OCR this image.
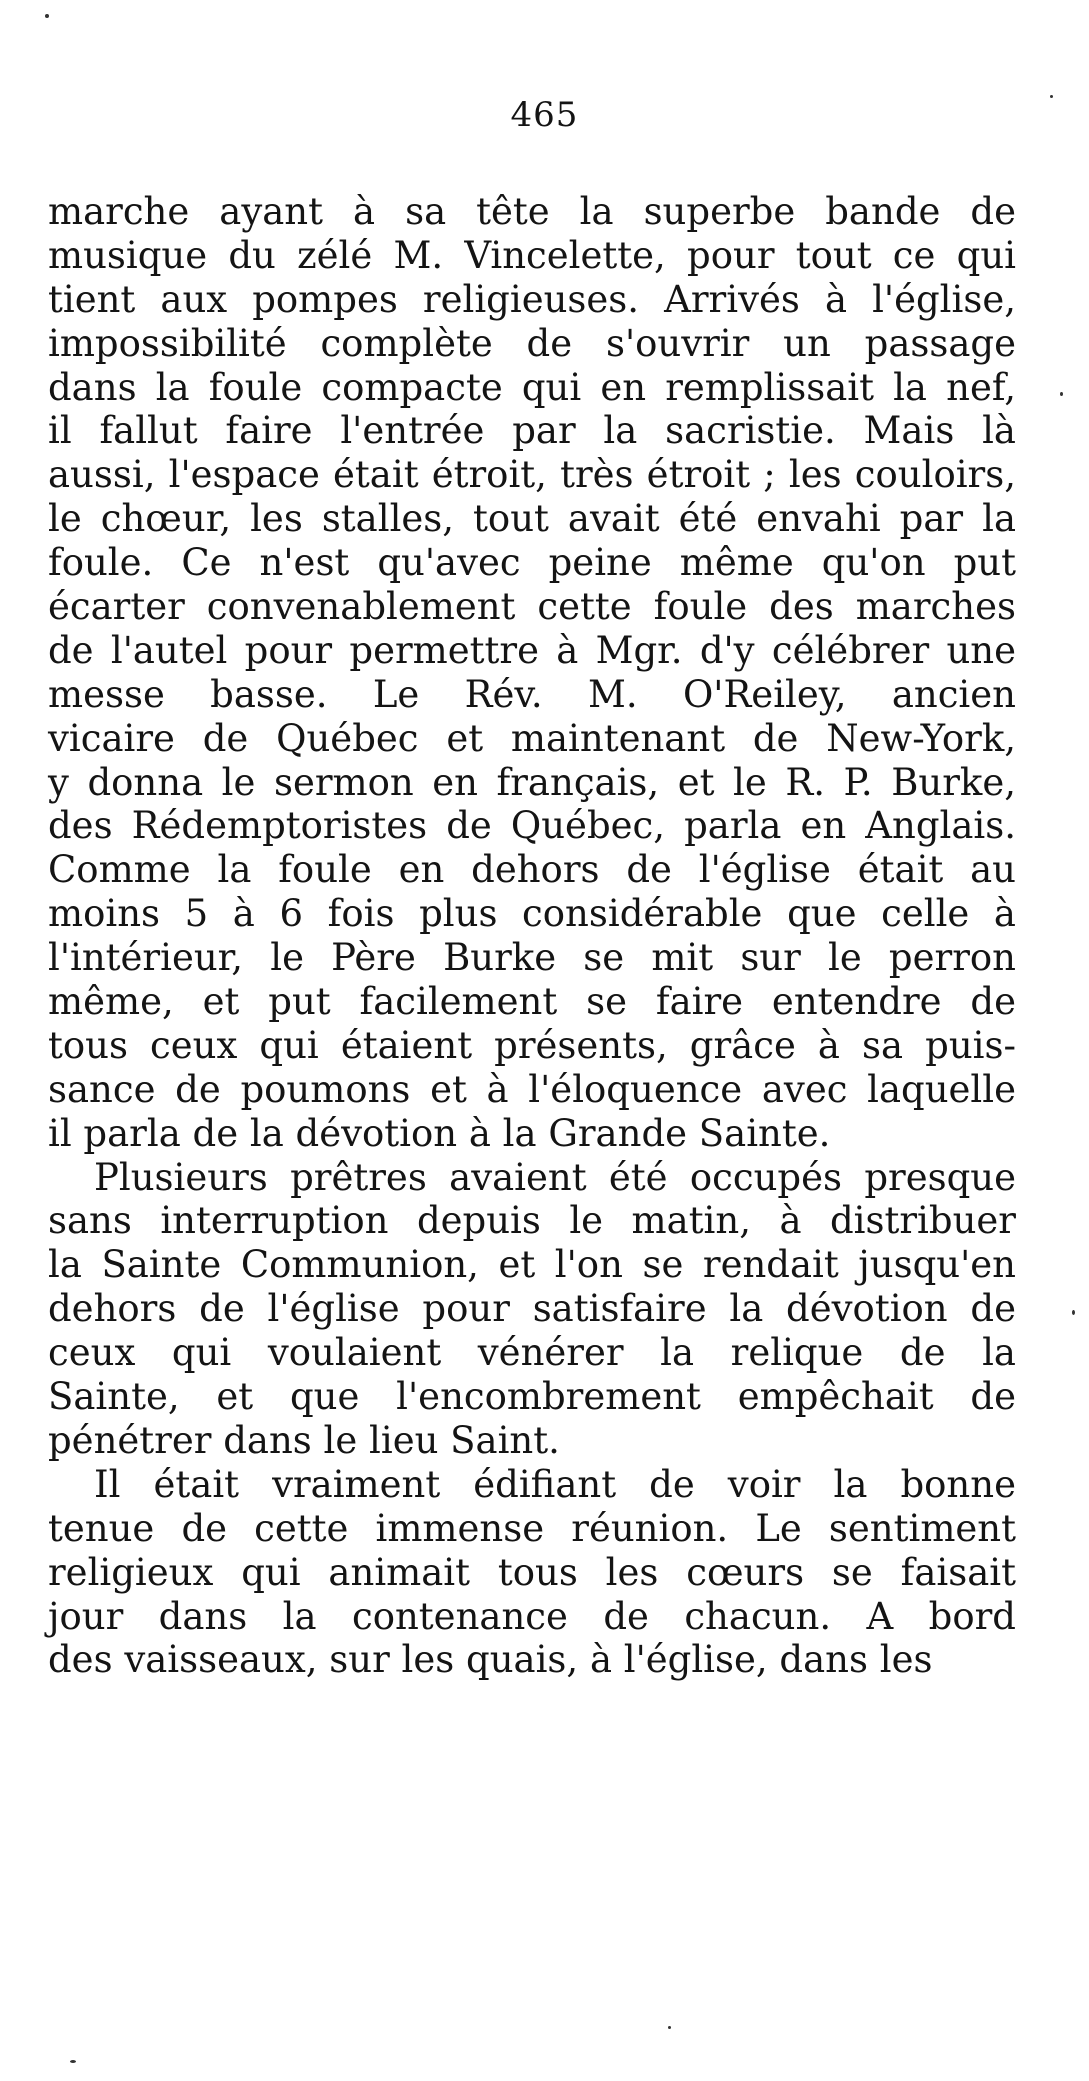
465
marche ayant à sa tête la superbe bande de
musique du zélé M. Vincelette, pour tout ce qui
tient aux pompes religieuses. Arrivés à l'église,
impossibilité complète de s'ouvrir un passage
dans la foule compacte qui en remplissait la nef,
il fallut faire l'entrée par la sacristie. Mais là
aussi, l'espace était étroit, très étroit ; les couloirs,
le chœur, les stalles, tout avait été envahi par la
foule. Ce n'est qu'avec peine même qu'on put
écarter convenablement cette foule des marches
de l'autel pour permettre à Mgr. d'y célébrer une
messe basse. Le Rév. M. O'Reiley, ancien
vicaire de Québec et maintenant de New-York,
y donna le sermon en français, et le R. P. Burke,
des Rédemptoristes de Québec, parla en Anglais.
Comme la foule en dehors de l'église était au
moins 5 à 6 fois plus considérable que celle à
l'intérieur, le Père Burke se mit sur le perron
même, et put facilement se faire entendre de
tous ceux qui étaient présents, grâce à sa puis-
sance de poumons et à l'éloquence avec laquelle
il parla de la dévotion à la Grande Sainte.
Plusieurs prêtres avaient été occupés presque
sans interruption depuis le matin, à distribuer
la Sainte Communion, et l'on se rendait jusqu'en
dehors de l'église pour satisfaire la dévotion de
ceux qui voulaient vénérer la relique de la
Sainte, et que l'encombrement empêchait de
pénétrer dans le lieu Saint.
Il était vraiment édifiant de voir la bonne
tenue de cette immense réunion. Le sentiment
religieux qui animait tous les cœurs se faisait
jour dans la contenance de chacun. A bord
des vaisseaux, sur les quais, à l'église, dans les
